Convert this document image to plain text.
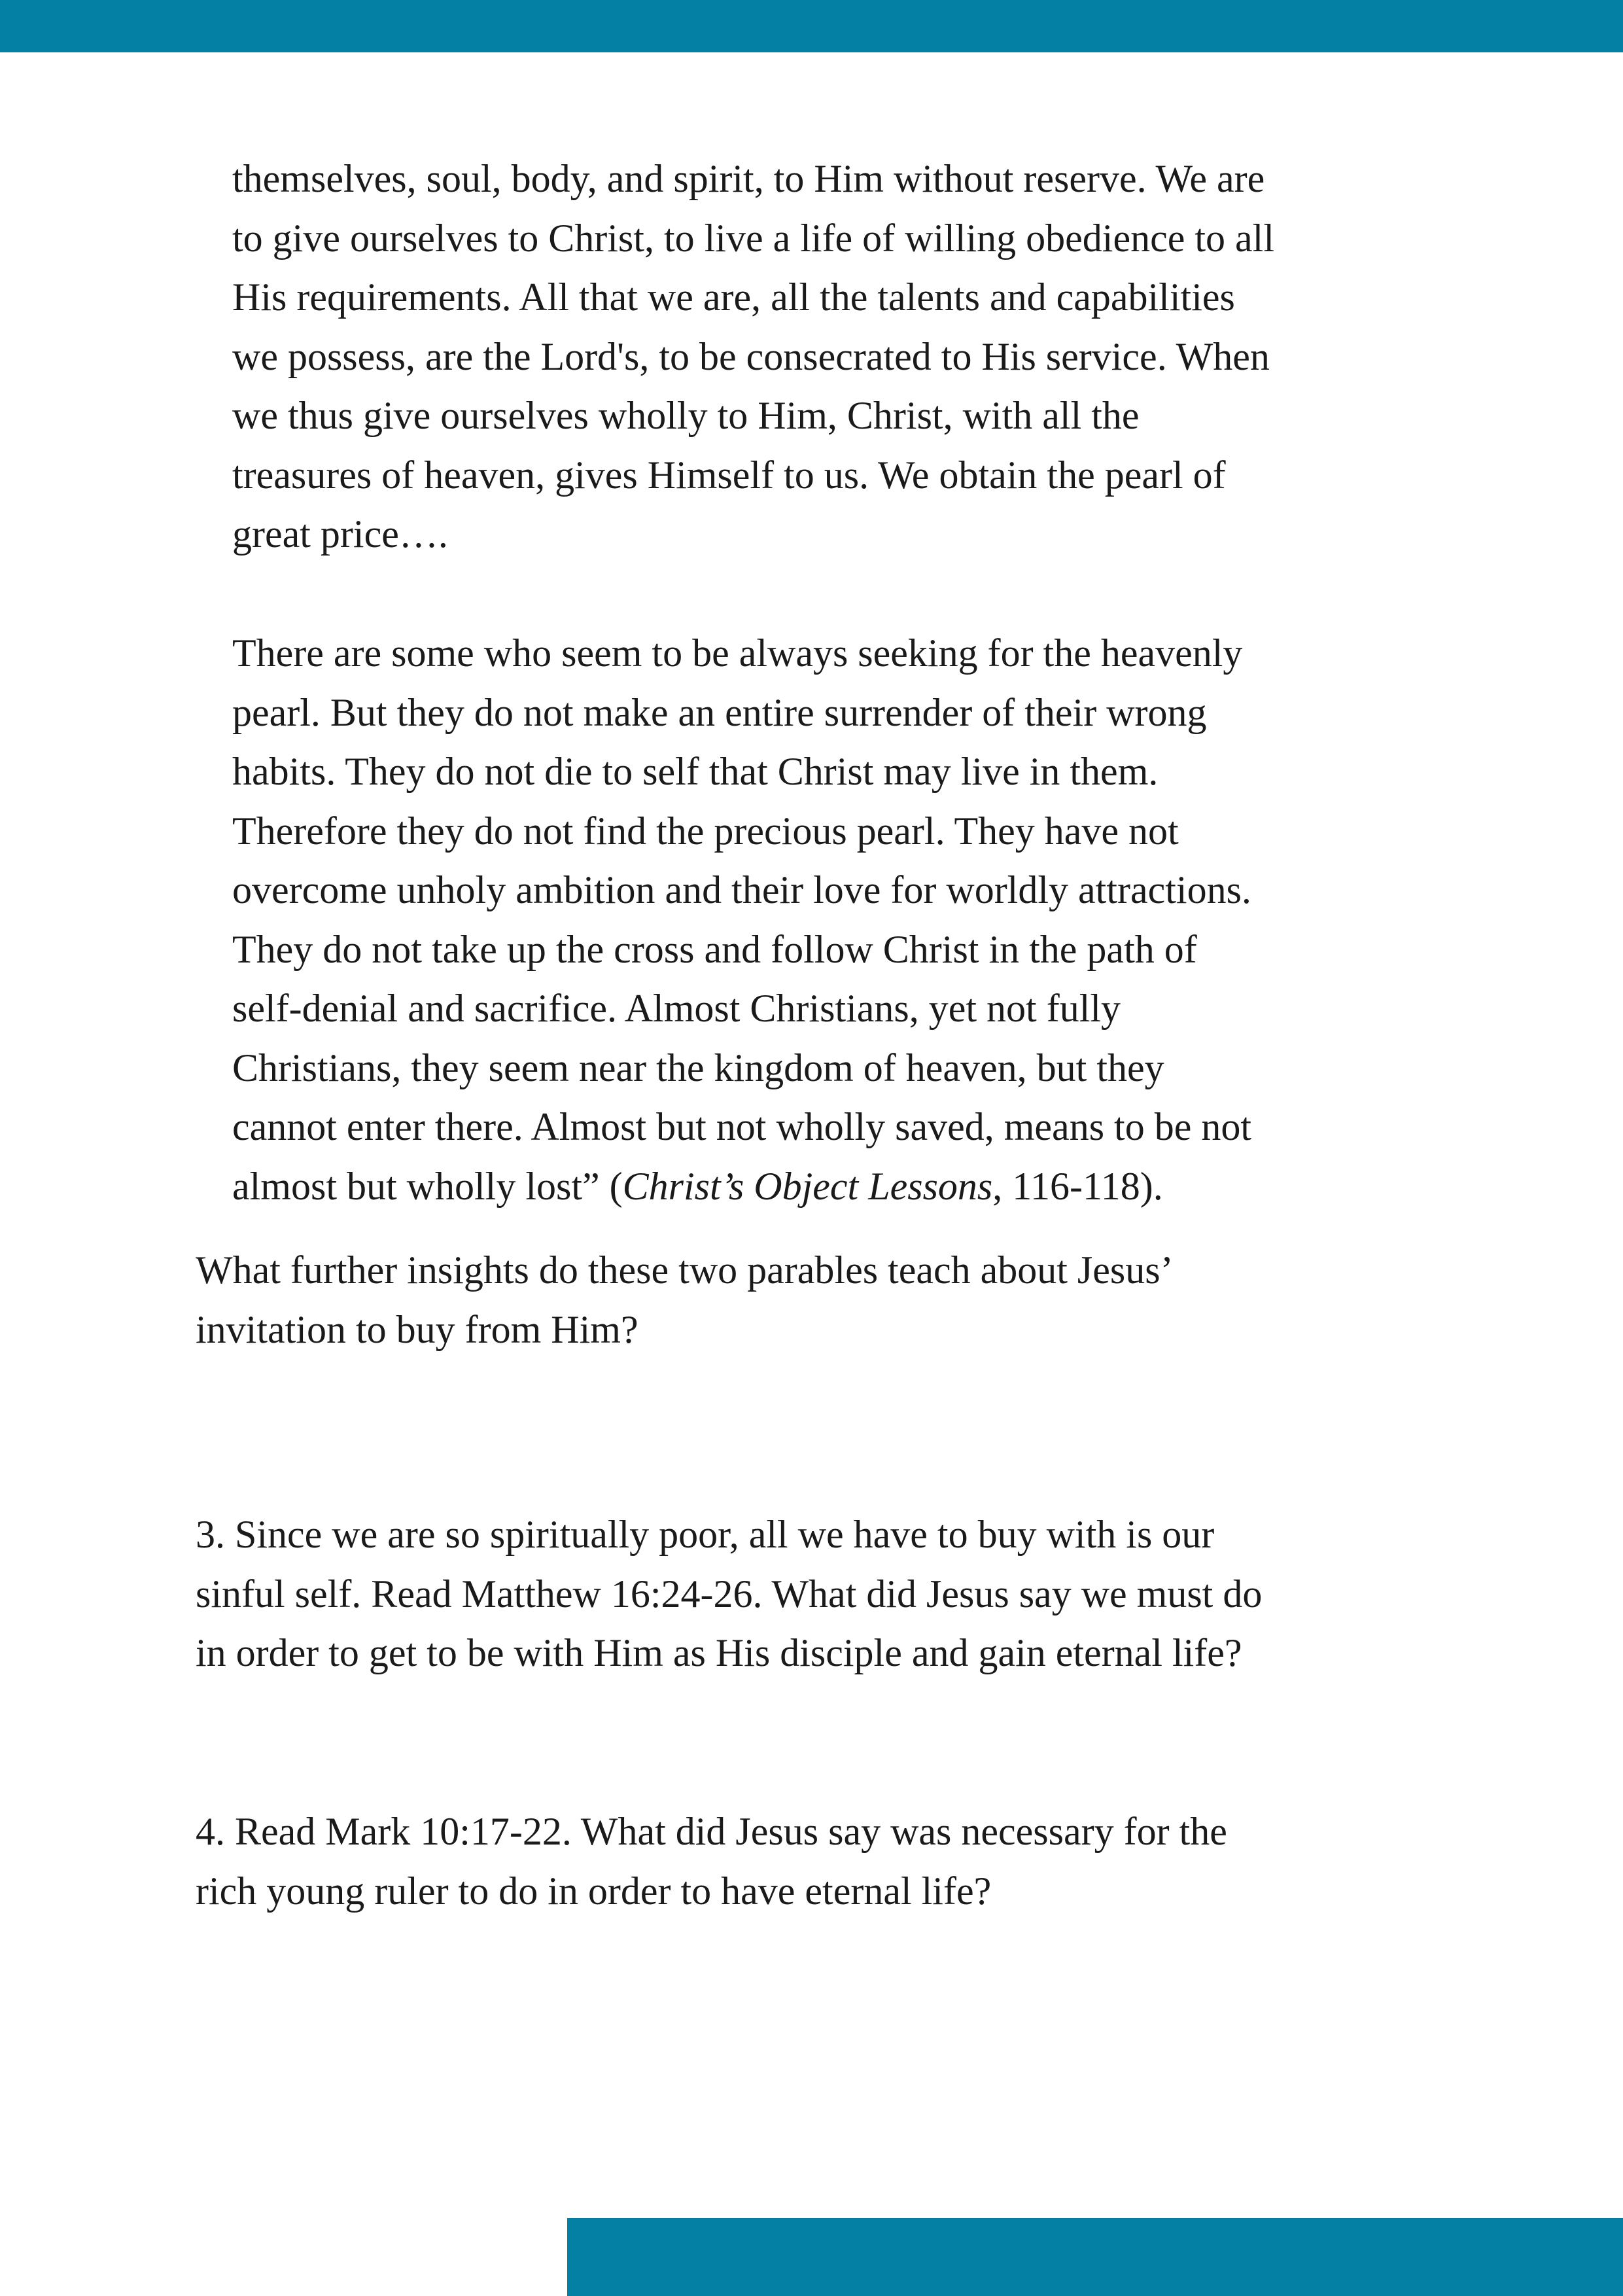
themselves, soul, body, and spirit, to Him without reserve. We are
to give ourselves to Christ, to live a life of willing obedience to all
His requirements. All that we are, all the talents and capabilities
we possess, are the Lord's, to be consecrated to His service. When
we thus give ourselves wholly to Him, Christ, with all the
treasures of heaven, gives Himself to us. We obtain the pearl of
great price….

There are some who seem to be always seeking for the heavenly
pearl. But they do not make an entire surrender of their wrong
habits. They do not die to self that Christ may live in them.
Therefore they do not find the precious pearl. They have not
overcome unholy ambition and their love for worldly attractions.
They do not take up the cross and follow Christ in the path of
self-denial and sacrifice. Almost Christians, yet not fully
Christians, they seem near the kingdom of heaven, but they
cannot enter there. Almost but not wholly saved, means to be not
almost but wholly lost” (Christ’s Object Lessons, 116-118).

What further insights do these two parables teach about Jesus’
invitation to buy from Him?

3. Since we are so spiritually poor, all we have to buy with is our
sinful self. Read Matthew 16:24-26. What did Jesus say we must do
in order to get to be with Him as His disciple and gain eternal life?

4. Read Mark 10:17-22. What did Jesus say was necessary for the
rich young ruler to do in order to have eternal life?
